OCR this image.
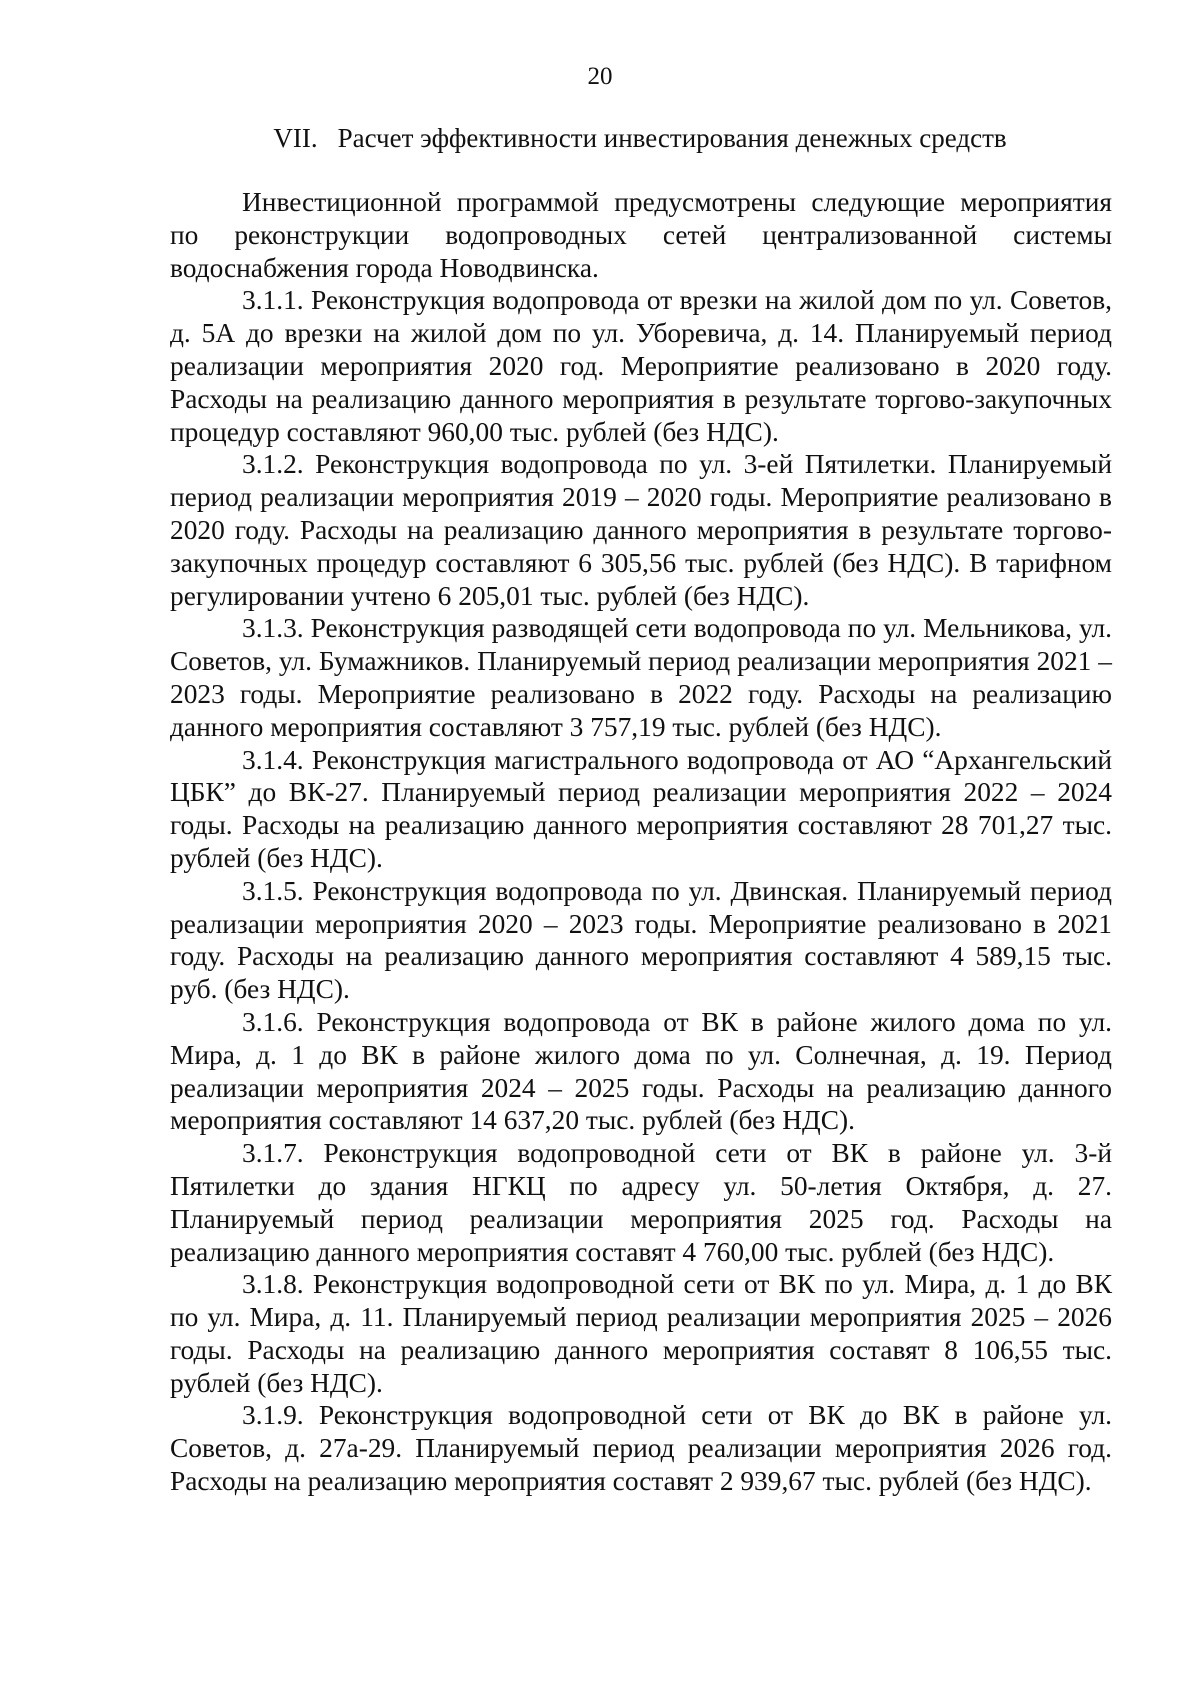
20
VII. Расчет эффективности инвестирования денежных средств

Инвестиционной программой предусмотрены следующие мероприятия по реконструкции водопроводных сетей централизованной системы водоснабжения города Новодвинска.

3.1.1. Реконструкция водопровода от врезки на жилой дом по ул. Советов, д. 5А до врезки на жилой дом по ул. Уборевича, д. 14. Планируемый период реализации мероприятия 2020 год. Мероприятие реализовано в 2020 году. Расходы на реализацию данного мероприятия в результате торгово-закупочных процедур составляют 960,00 тыс. рублей (без НДС).

3.1.2. Реконструкция водопровода по ул. 3-ей Пятилетки. Планируемый период реализации мероприятия 2019 – 2020 годы. Мероприятие реализовано в 2020 году. Расходы на реализацию данного мероприятия в результате торгово-закупочных процедур составляют 6 305,56 тыс. рублей (без НДС). В тарифном регулировании учтено 6 205,01 тыс. рублей (без НДС).

3.1.3. Реконструкция разводящей сети водопровода по ул. Мельникова, ул. Советов, ул. Бумажников. Планируемый период реализации мероприятия 2021 – 2023 годы. Мероприятие реализовано в 2022 году. Расходы на реализацию данного мероприятия составляют 3 757,19 тыс. рублей (без НДС).

3.1.4. Реконструкция магистрального водопровода от АО “Архангельский ЦБК” до ВК-27. Планируемый период реализации мероприятия 2022 – 2024 годы. Расходы на реализацию данного мероприятия составляют 28 701,27 тыс. рублей (без НДС).

3.1.5. Реконструкция водопровода по ул. Двинская. Планируемый период реализации мероприятия 2020 – 2023 годы. Мероприятие реализовано в 2021 году. Расходы на реализацию данного мероприятия составляют 4 589,15 тыс. руб. (без НДС).

3.1.6. Реконструкция водопровода от ВК в районе жилого дома по ул. Мира, д. 1 до ВК в районе жилого дома по ул. Солнечная, д. 19. Период реализации мероприятия 2024 – 2025 годы. Расходы на реализацию данного мероприятия составляют 14 637,20 тыс. рублей (без НДС).

3.1.7. Реконструкция водопроводной сети от ВК в районе ул. 3-й Пятилетки до здания НГКЦ по адресу ул. 50-летия Октября, д. 27. Планируемый период реализации мероприятия 2025 год. Расходы на реализацию данного мероприятия составят 4 760,00 тыс. рублей (без НДС).

3.1.8. Реконструкция водопроводной сети от ВК по ул. Мира, д. 1 до ВК по ул. Мира, д. 11. Планируемый период реализации мероприятия 2025 – 2026 годы. Расходы на реализацию данного мероприятия составят 8 106,55 тыс. рублей (без НДС).

3.1.9. Реконструкция водопроводной сети от ВК до ВК в районе ул. Советов, д. 27а-29. Планируемый период реализации мероприятия 2026 год. Расходы на реализацию мероприятия составят 2 939,67 тыс. рублей (без НДС).
